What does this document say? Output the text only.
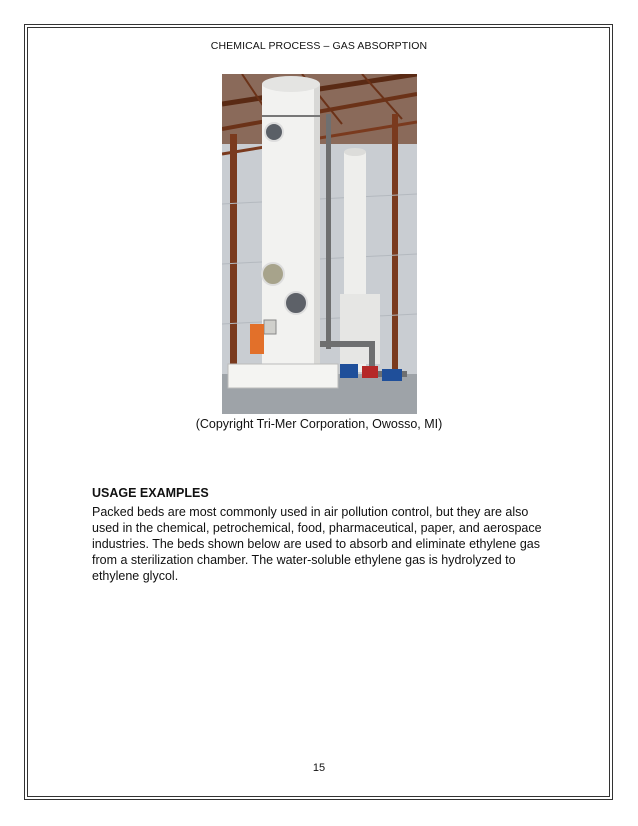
CHEMICAL PROCESS – GAS ABSORPTION
(Copyright Tri-Mer Corporation, Owosso, MI)
USAGE EXAMPLES

Packed beds are most commonly used in air pollution control, but they are also used in the chemical, petrochemical, food, pharmaceutical, paper, and aerospace industries. The beds shown below are used to absorb and eliminate ethylene gas from a sterilization chamber. The water-soluble ethylene gas is hydrolyzed to ethylene glycol.

15
